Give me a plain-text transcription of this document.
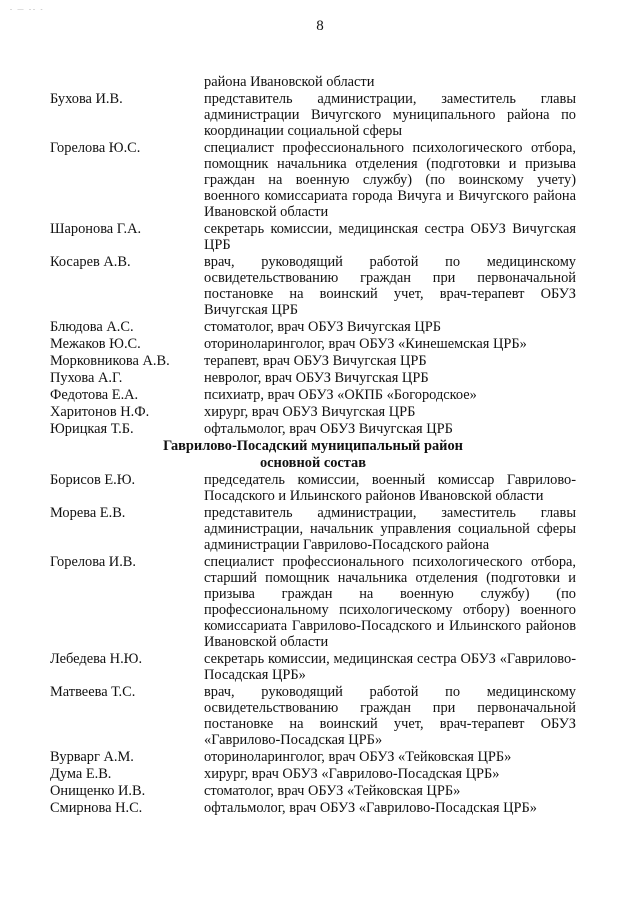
- — -- -
8
района Ивановской области
Бухова И.В.	представитель администрации, заместитель главы администрации Вичугского муниципального района по координации социальной сферы
Горелова Ю.С.	специалист профессионального психологического отбора, помощник начальника отделения (подготовки и призыва граждан на военную службу) (по воинскому учету) военного комиссариата города Вичуга и Вичугского района Ивановской области
Шаронова Г.А.	секретарь комиссии, медицинская сестра ОБУЗ Вичугская ЦРБ
Косарев А.В.	врач, руководящий работой по медицинскому освидетельствованию граждан при первоначальной постановке на воинский учет, врач-терапевт ОБУЗ Вичугская ЦРБ
Блюдова А.С.	стоматолог, врач ОБУЗ Вичугская ЦРБ
Межаков Ю.С.	оториноларинголог, врач ОБУЗ «Кинешемская ЦРБ»
Морковникова А.В.	терапевт, врач ОБУЗ Вичугская ЦРБ
Пухова А.Г.	невролог, врач ОБУЗ Вичугская ЦРБ
Федотова Е.А.	психиатр, врач ОБУЗ «ОКПБ «Богородское»
Харитонов Н.Ф.	хирург, врач ОБУЗ Вичугская ЦРБ
Юрицкая Т.Б.	офтальмолог, врач ОБУЗ Вичугская ЦРБ
Гаврилово-Посадский муниципальный район
основной состав
Борисов Е.Ю.	председатель комиссии, военный комиссар Гаврилово-Посадского и Ильинского районов Ивановской области
Морева Е.В.	представитель администрации, заместитель главы администрации, начальник управления социальной сферы администрации Гаврилово-Посадского района
Горелова И.В.	специалист профессионального психологического отбора, старший помощник начальника отделения (подготовки и призыва граждан на военную службу) (по профессиональному психологическому отбору) военного комиссариата Гаврилово-Посадского и Ильинского районов Ивановской области
Лебедева Н.Ю.	секретарь комиссии, медицинская сестра ОБУЗ «Гаврилово-Посадская ЦРБ»
Матвеева Т.С.	врач, руководящий работой по медицинскому освидетельствованию граждан при первоначальной постановке на воинский учет, врач-терапевт ОБУЗ «Гаврилово-Посадская ЦРБ»
Вурварг А.М.	оториноларинголог, врач ОБУЗ «Тейковская ЦРБ»
Дума Е.В.	хирург, врач ОБУЗ «Гаврилово-Посадская ЦРБ»
Онищенко И.В.	стоматолог, врач ОБУЗ «Тейковская ЦРБ»
Смирнова Н.С.	офтальмолог, врач ОБУЗ «Гаврилово-Посадская ЦРБ»
